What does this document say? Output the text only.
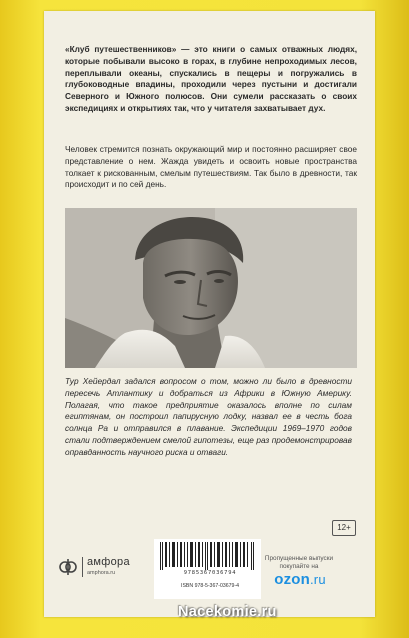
«Клуб путешественников» — это книги о самых отважных людях, которые побывали высоко в горах, в глубине непроходимых лесов, переплывали океаны, спускались в пещеры и погружались в глубоководные впадины, проходили через пустыни и достигали Северного и Южного полюсов. Они сумели рассказать о своих экспедициях и открытиях так, что у читателя захватывает дух.

Человек стремится познать окружающий мир и постоянно расширяет свое представление о нем. Жажда увидеть и освоить новые пространства толкает к рискованным, смелым путешествиям. Так было в древности, так происходит и по сей день.

Тур Хейердал задался вопросом о том, можно ли было в древности пересечь Атлантику и добраться из Африки в Южную Америку. Полагая, что такое предприятие оказалось вполне по силам египтянам, он построил папирусную лодку, назвал ее в честь бога солнца Ра и отправился в плавание. Экспедиции 1969–1970 годов стали подтверждением смелой гипотезы, еще раз продемонстрировав оправданность научного риска и отваги.

12+
амфора
amphora.ru	9785367036794
ISBN 978-5-367-03679-4
Пропущенные выпуски
покупайте на
ozon.ru
Nacekomie.ru
